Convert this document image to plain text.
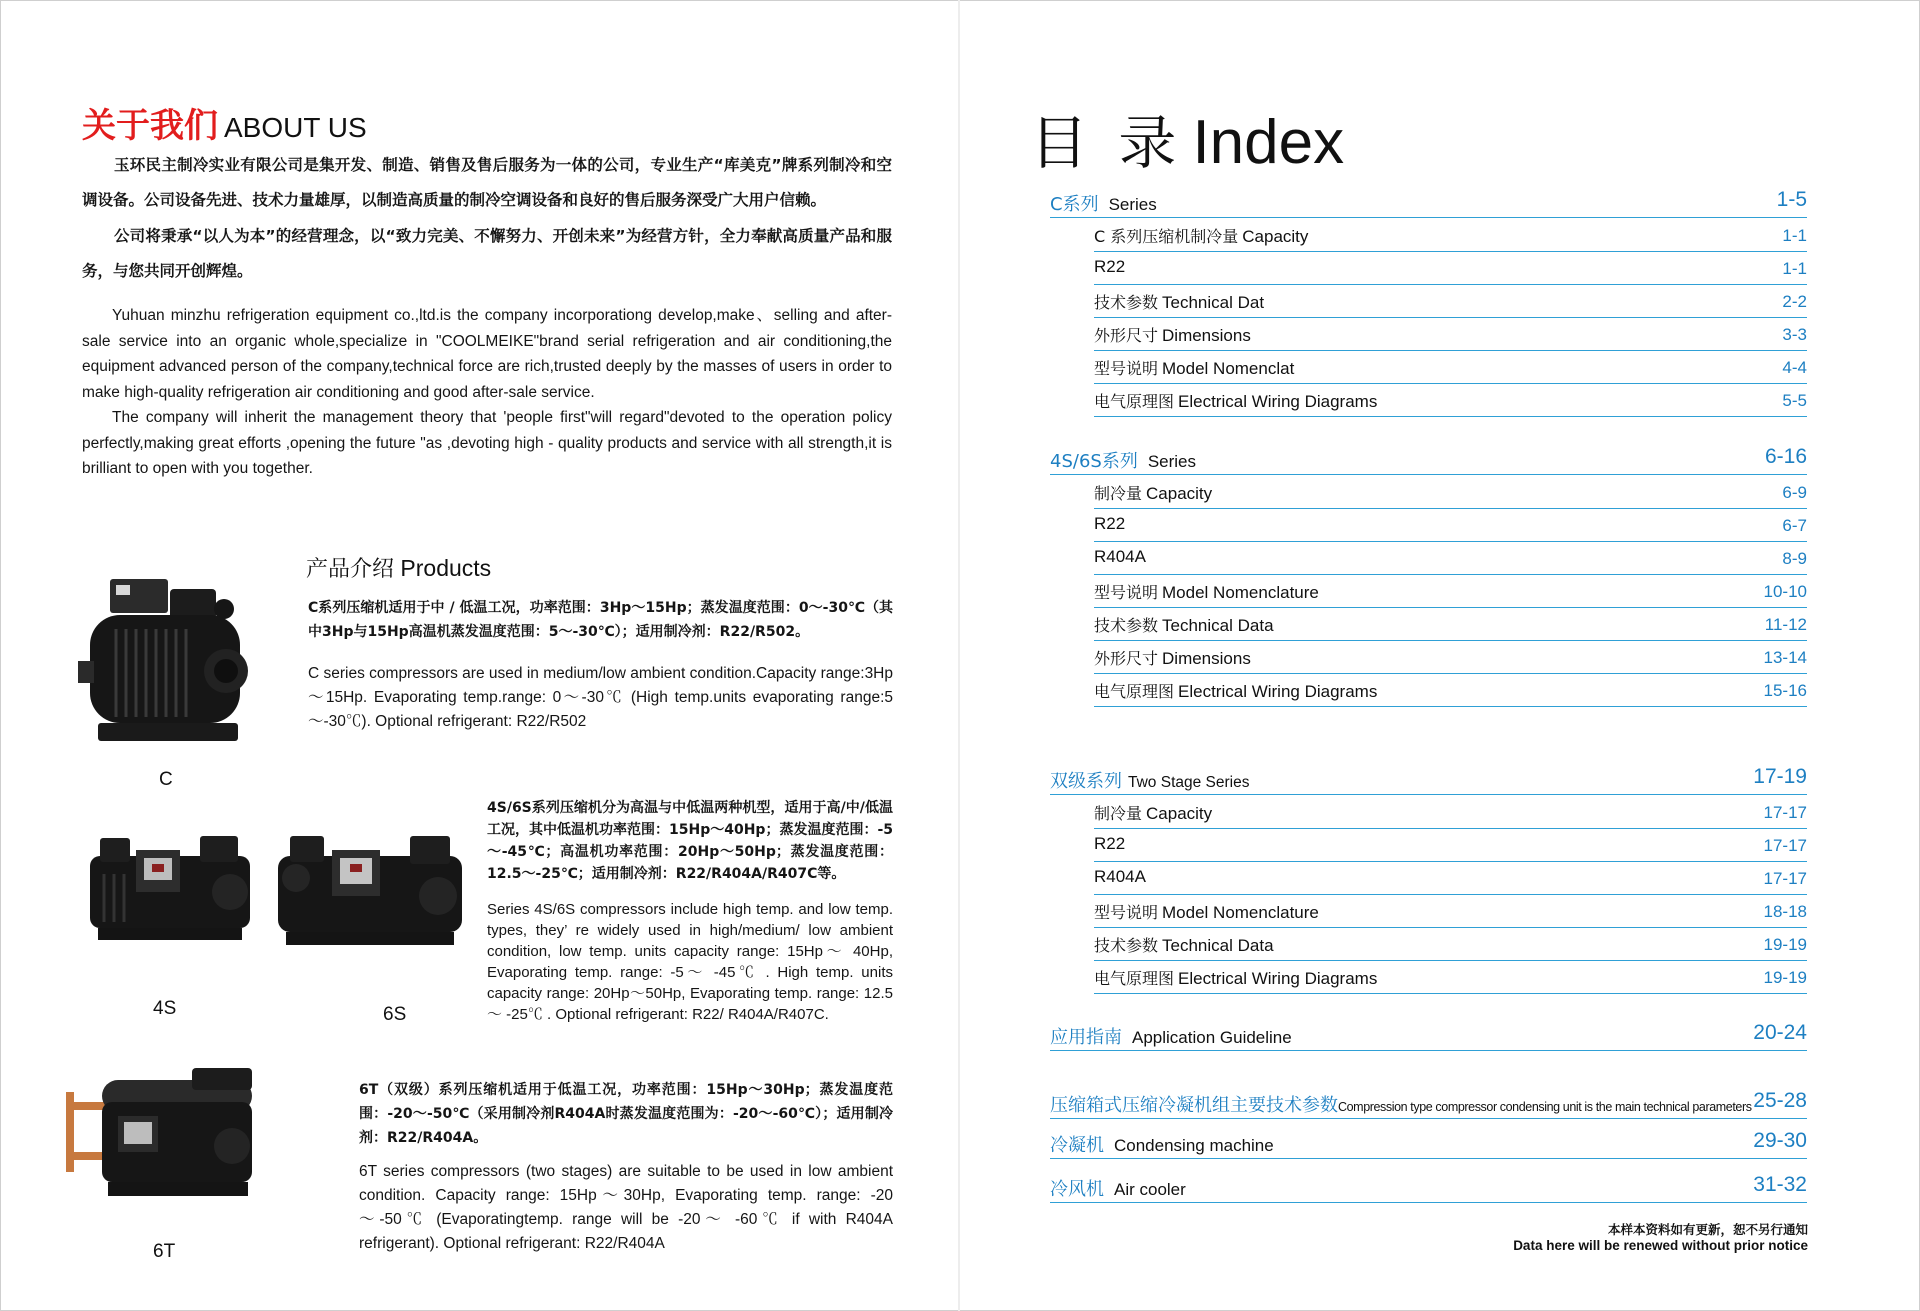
关于我们 ABOUT US

玉环民主制冷实业有限公司是集开发、制造、销售及售后服务为一体的公司，专业生产“库美克”牌系列制冷和空调设备。公司设备先进、技术力量雄厚，以制造高质量的制冷空调设备和良好的售后服务深受广大用户信赖。

公司将秉承“以人为本”的经营理念，以“致力完美、不懈努力、开创未来”为经营方针，全力奉献高质量产品和服务，与您共同开创辉煌。

Yuhuan minzhu refrigeration equipment co.,ltd.is the company incorporationg develop,make、selling and after-sale service into an organic whole,specialize in "COOLMEIKE"brand serial refrigeration and air conditioning,the equipment advanced person of the company,technical force are rich,trusted deeply by the masses of users in order to make high-quality refrigeration air conditioning and good after-sale service.

The company will inherit the management theory that 'people first"will regard"devoted to the operation policy perfectly,making great efforts ,opening the future "as ,devoting high - quality products and service with all strength,it is brilliant to open with you together.

产品介绍 Products
C

C系列压缩机适用于中 / 低温工况，功率范围：3Hp～15Hp；蒸发温度范围：0～-30℃（其中3Hp与15Hp高温机蒸发温度范围：5～-30℃）；适用制冷剂：R22/R502。

C series compressors are used in medium/low ambient condition.Capacity range:3Hp～15Hp. Evaporating temp.range: 0～-30℃ (High temp.units evaporating range:5～-30℃). Optional refrigerant: R22/R502

4S	6S

4S/6S系列压缩机分为高温与中低温两种机型，适用于高/中/低温工况，其中低温机功率范围：15Hp～40Hp；蒸发温度范围：-5～-45℃；高温机功率范围：20Hp～50Hp；蒸发温度范围：12.5～-25℃；适用制冷剂：R22/R404A/R407C等。

Series 4S/6S compressors include high temp. and low temp. types, they’ re widely used in high/medium/ low ambient condition, low temp. units capacity range: 15Hp～ 40Hp, Evaporating temp. range: -5～ -45℃ . High temp. units capacity range: 20Hp～50Hp, Evaporating temp. range: 12.5～ -25℃ . Optional refrigerant: R22/ R404A/R407C.

6T

6T（双级）系列压缩机适用于低温工况，功率范围：15Hp～30Hp；蒸发温度范围：-20～-50℃（采用制冷剂R404A时蒸发温度范围为：-20～-60℃）；适用制冷剂：R22/R404A。

6T series compressors (two stages) are suitable to be used in low ambient condition. Capacity range: 15Hp～30Hp, Evaporating temp. range: -20～-50℃ (Evaporatingtemp. range will be -20～ -60℃ if with R404A refrigerant). Optional refrigerant: R22/R404A

目 录 Index
C系列 Series	1-5
C 系列压缩机制冷量 Capacity	1-1
R22	1-1
技术参数 Technical Dat	2-2
外形尺寸 Dimensions	3-3
型号说明 Model Nomenclat	4-4
电气原理图 Electrical Wiring Diagrams	5-5
4S/6S系列 Series	6-16
制冷量 Capacity	6-9
R22	6-7
R404A	8-9
型号说明 Model Nomenclature	10-10
技术参数 Technical Data	11-12
外形尺寸 Dimensions	13-14
电气原理图 Electrical Wiring Diagrams	15-16
双级系列 Two Stage Series	17-19
制冷量 Capacity	17-17
R22	17-17
R404A	17-17
型号说明 Model Nomenclature	18-18
技术参数 Technical Data	19-19
电气原理图 Electrical Wiring Diagrams	19-19
应用指南 Application Guideline	20-24
压缩箱式压缩冷凝机组主要技术参数Compression type compressor condensing unit is the main technical parameters 25-28
冷凝机 Condensing machine	29-30
冷风机 Air cooler	31-32
本样本资料如有更新，恕不另行通知
Data here will be renewed without prior notice
